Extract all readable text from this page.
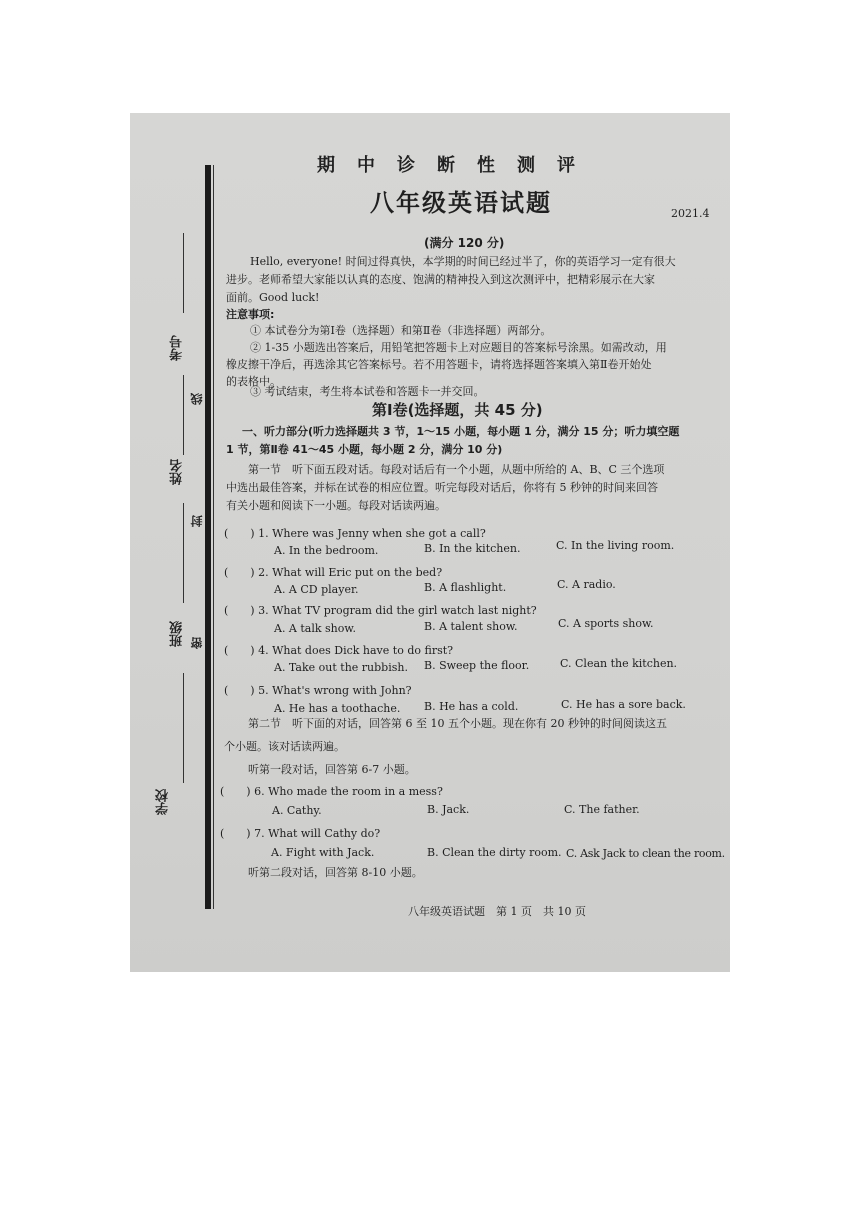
考号
姓名
班级
学校
线
封
密
期中诊断性测评
八年级英语试题	2021.4
(满分 120 分)
Hello, everyone! 时间过得真快，本学期的时间已经过半了，你的英语学习一定有很大
进步。老师希望大家能以认真的态度、饱满的精神投入到这次测评中，把精彩展示在大家
面前。Good luck!
注意事项:
① 本试卷分为第Ⅰ卷（选择题）和第Ⅱ卷（非选择题）两部分。
② 1-35 小题选出答案后，用铅笔把答题卡上对应题目的答案标号涂黑。如需改动，用
橡皮擦干净后，再选涂其它答案标号。若不用答题卡，请将选择题答案填入第Ⅱ卷开始处
的表格中。
③ 考试结束，考生将本试卷和答题卡一并交回。
第Ⅰ卷(选择题，共 45 分)
一、听力部分(听力选择题共 3 节，1～15 小题，每小题 1 分，满分 15 分；听力填空题
1 节，第Ⅱ卷 41～45 小题，每小题 2 分，满分 10 分)
第一节　听下面五段对话。每段对话后有一个小题，从题中所给的 A、B、C 三个选项
中选出最佳答案，并标在试卷的相应位置。听完每段对话后，你将有 5 秒钟的时间来回答
有关小题和阅读下一小题。每段对话读两遍。
(　　) 1. Where was Jenny when she got a call?
A. In the bedroom.	B. In the kitchen.	C. In the living room.
(　　) 2. What will Eric put on the bed?
A. A CD player.	B. A flashlight.	C. A radio.
(　　) 3. What TV program did the girl watch last night?
A. A talk show.	B. A talent show.	C. A sports show.
(　　) 4. What does Dick have to do first?
A. Take out the rubbish. B. Sweep the floor.	C. Clean the kitchen.
(　　) 5. What's wrong with John?
A. He has a toothache. B. He has a cold.	C. He has a sore back.
第二节　听下面的对话，回答第 6 至 10 五个小题。现在你有 20 秒钟的时间阅读这五
个小题。该对话读两遍。
听第一段对话，回答第 6-7 小题。
(　　) 6. Who made the room in a mess?
A. Cathy.	B. Jack.	C. The father.
(　　) 7. What will Cathy do?
A. Fight with Jack.	B. Clean the dirty room. C. Ask Jack to clean the room.
听第二段对话，回答第 8-10 小题。
八年级英语试题　第 1 页　共 10 页
